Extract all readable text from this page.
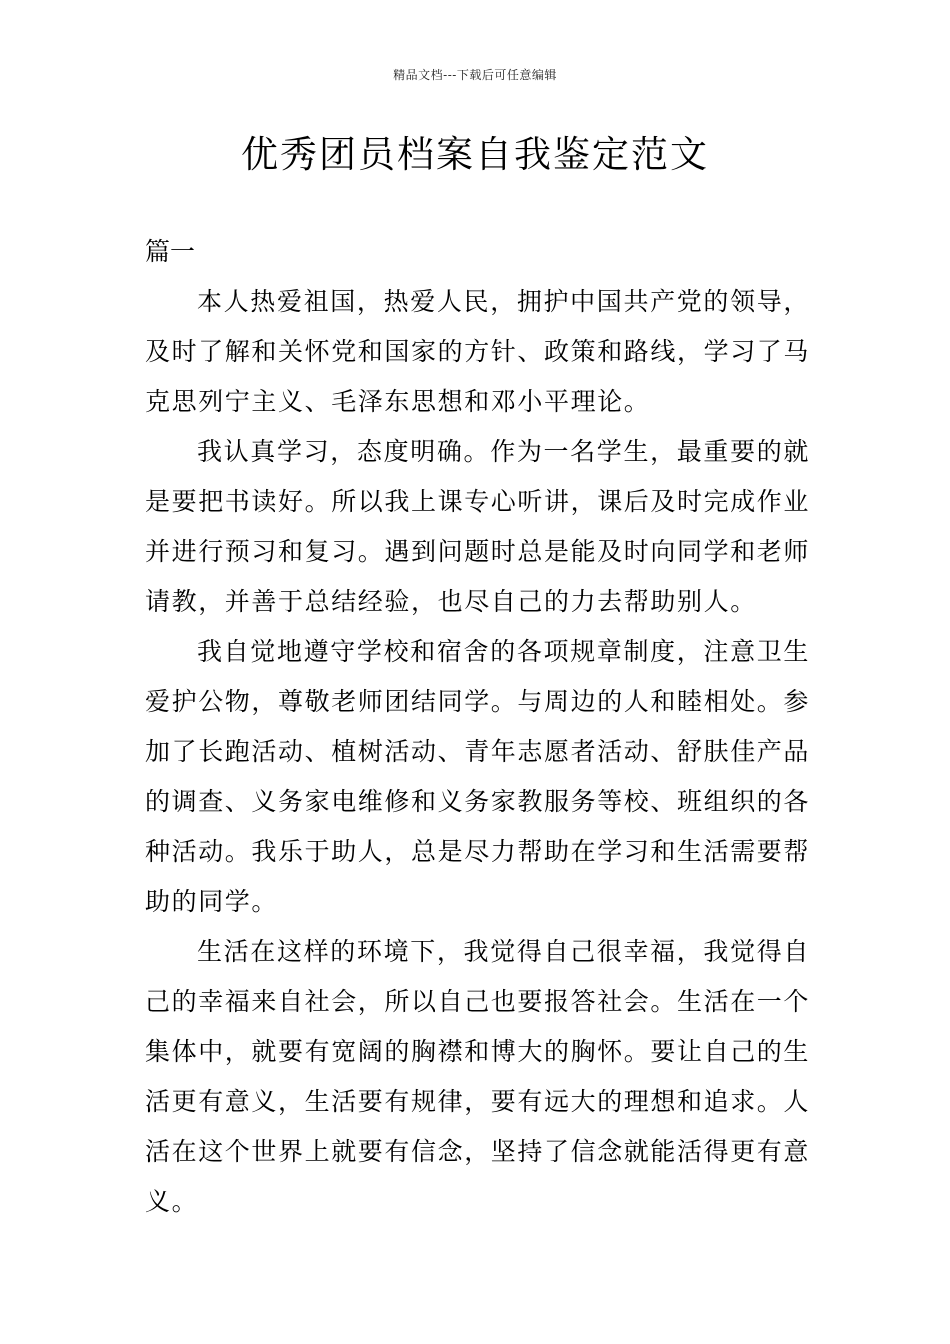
精品文档---下载后可任意编辑
优秀团员档案自我鉴定范文
篇一

本人热爱祖国，热爱人民，拥护中国共产党的领导，及时了解和关怀党和国家的方针、政策和路线，学习了马克思列宁主义、毛泽东思想和邓小平理论。

我认真学习，态度明确。作为一名学生，最重要的就是要把书读好。所以我上课专心听讲，课后及时完成作业并进行预习和复习。遇到问题时总是能及时向同学和老师请教，并善于总结经验，也尽自己的力去帮助别人。

我自觉地遵守学校和宿舍的各项规章制度，注意卫生爱护公物，尊敬老师团结同学。与周边的人和睦相处。参加了长跑活动、植树活动、青年志愿者活动、舒肤佳产品的调查、义务家电维修和义务家教服务等校、班组织的各种活动。我乐于助人，总是尽力帮助在学习和生活需要帮助的同学。

生活在这样的环境下，我觉得自己很幸福，我觉得自己的幸福来自社会，所以自己也要报答社会。生活在一个集体中，就要有宽阔的胸襟和博大的胸怀。要让自己的生活更有意义，生活要有规律，要有远大的理想和追求。人活在这个世界上就要有信念，坚持了信念就能活得更有意义。
